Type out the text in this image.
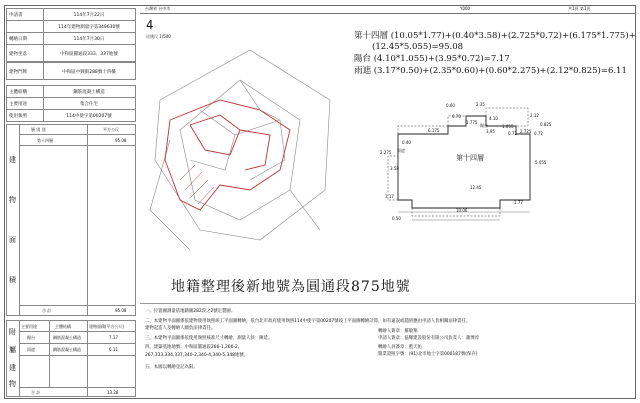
台灣省 台中市	Y000	共1頁 第1頁
申請書	114年7月22日
114年建物測量字第349630號
轉繪日期	114年7月30日
建物坐落	中和區圓通段333、337地號
建物門牌	中和區中興街288號十四樓
主體結構	鋼筋混凝土構造
主要用途	集合住宅
使用執照	114中使字第00207號
層 別 別	平方公尺
第十四層	95.08
合 計	95.08
建
物
面
積
主要用途	主體結構	建物面積(平方公尺)
陽台	鋼筋混凝土構造	7.17
雨遮	鋼筋混凝土構造	6.11
合 計	13.28
附
屬
建
物
4
比例尺 1/500	第十四層 (10.05*1.77)+(0.40*3.58)+(2.725*0.72)+(6.175*1.775)+
(12.45*5.055)=95.08
陽台 (4.10*1.055)+(3.95*0.72)=7.17
雨遮 (3.17*0.50)+(2.35*0.60)+(0.60*2.275)+(2.12*0.825)=6.11
第十四層
陽台
雨遮
0.60	2.35
2.12
0.825
0.70
1.775
4.10
6.175
1.055
3.95	0.72 2.725 0.72
0.40
2.275
3.58
5.055
12.45
3.17
1.77
10.06
0.50
地籍整理後新地號為圓通段875地號
一、位置圖測量依地籍圖282段之2號定製圖。
二、本建物平面圖係依建物使用執照竣工平面圖轉繪，依台北市政府使用執照114中使字第00207號竣工平面圖轉繪計算，如有違誤或隱匿應由申請人負相關法律責任。
建物起造人及轉繪人願負法律責任。
三、本建物平面圖係依使用執照核准尺寸轉繪，測量人員：陳延。
四、建築基地地號：中和區圓通段266-1,266-2,
267,333,334,337,340-2,340-4,340-5,348地號。
五、本圖以轉繪登記為限。
轉繪人簽章：羅敏翔
申請人簽章：協輝建設股份有限公司負責人：蕭博淳
轉繪人員簽章：藍天佑
開業證照字號：(91)北市地士字第000187號(保存)
